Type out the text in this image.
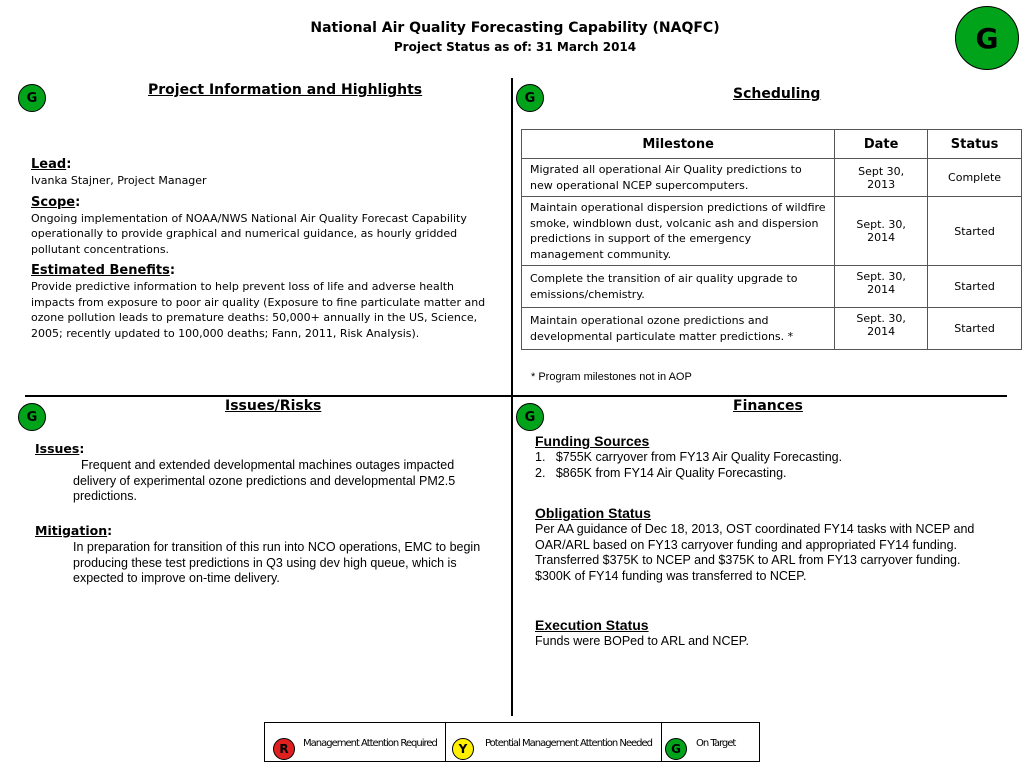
National Air Quality Forecasting Capability (NAQFC)
Project Status as of: 31 March 2014	G
G	Project Information and Highlights
Lead:
Ivanka Stajner, Project Manager
Scope:
Ongoing implementation of NOAA/NWS National Air Quality Forecast Capability operationally to provide graphical and numerical guidance, as hourly gridded pollutant concentrations.
Estimated Benefits:
Provide predictive information to help prevent loss of life and adverse health impacts from exposure to poor air quality (Exposure to fine particulate matter and ozone pollution leads to premature deaths: 50,000+ annually in the US, Science, 2005; recently updated to 100,000 deaths; Fann, 2011, Risk Analysis).
G	Scheduling
Milestone	Date	Status
Migrated all operational Air Quality predictions to new operational NCEP supercomputers.	Sept 30, 2013	Complete
Maintain operational dispersion predictions of wildfire smoke, windblown dust, volcanic ash and dispersion predictions in support of the emergency management community.	Sept. 30, 2014	Started
Complete the transition of air quality upgrade to emissions/chemistry.	Sept. 30, 2014	Started
Maintain operational ozone predictions and developmental particulate matter predictions. *	Sept. 30, 2014	Started
* Program milestones not in AOP
G
Issues/Risks
Issues:
Frequent and extended developmental machines outages impacted delivery of experimental ozone predictions and developmental PM2.5 predictions.
Mitigation:
In preparation for transition of this run into NCO operations, EMC to begin producing these test predictions in Q3 using dev high queue, which is expected to improve on-time delivery.
G
Finances
Funding Sources
1.   $755K carryover from FY13 Air Quality Forecasting.
2.   $865K from FY14 Air Quality Forecasting.
Obligation Status
Per AA guidance of Dec 18, 2013, OST coordinated FY14 tasks with NCEP and OAR/ARL based on FY13 carryover funding and appropriated FY14 funding. Transferred $375K to NCEP and $375K to ARL from FY13 carryover funding. $300K of FY14 funding was transferred to NCEP.
Execution Status
Funds were BOPed to ARL and NCEP.
R	Management Attention Required	Y	Potential Management Attention Needed	G	On Target
